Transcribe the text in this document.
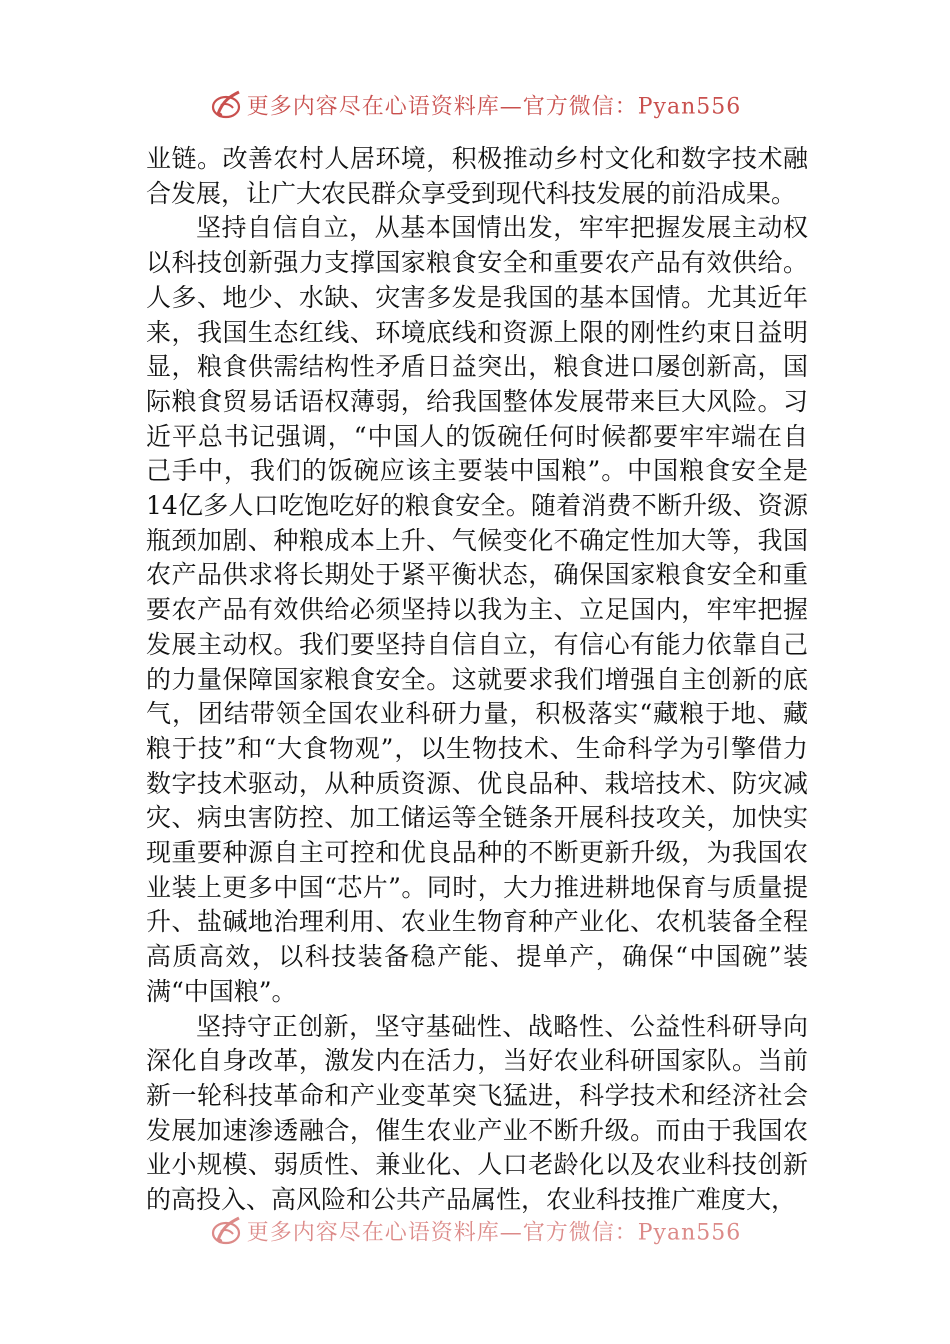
更多内容尽在心语资料库—官方微信：Pyan556

业链。改善农村人居环境，积极推动乡村文化和数字技术融合发展，让广大农民群众享受到现代科技发展的前沿成果。

坚持自信自立，从基本国情出发，牢牢把握发展主动权以科技创新强力支撑国家粮食安全和重要农产品有效供给。人多、地少、水缺、灾害多发是我国的基本国情。尤其近年来，我国生态红线、环境底线和资源上限的刚性约束日益明显，粮食供需结构性矛盾日益突出，粮食进口屡创新高，国际粮食贸易话语权薄弱，给我国整体发展带来巨大风险。习近平总书记强调，“中国人的饭碗任何时候都要牢牢端在自己手中，我们的饭碗应该主要装中国粮”。中国粮食安全是14亿多人口吃饱吃好的粮食安全。随着消费不断升级、资源瓶颈加剧、种粮成本上升、气候变化不确定性加大等，我国农产品供求将长期处于紧平衡状态，确保国家粮食安全和重要农产品有效供给必须坚持以我为主、立足国内，牢牢把握发展主动权。我们要坚持自信自立，有信心有能力依靠自己的力量保障国家粮食安全。这就要求我们增强自主创新的底气，团结带领全国农业科研力量，积极落实“藏粮于地、藏粮于技”和“大食物观”，以生物技术、生命科学为引擎借力数字技术驱动，从种质资源、优良品种、栽培技术、防灾减灾、病虫害防控、加工储运等全链条开展科技攻关，加快实现重要种源自主可控和优良品种的不断更新升级，为我国农业装上更多中国“芯片”。同时，大力推进耕地保育与质量提升、盐碱地治理利用、农业生物育种产业化、农机装备全程高质高效，以科技装备稳产能、提单产，确保“中国碗”装满“中国粮”。

坚持守正创新，坚守基础性、战略性、公益性科研导向深化自身改革，激发内在活力，当好农业科研国家队。当前新一轮科技革命和产业变革突飞猛进，科学技术和经济社会发展加速渗透融合，催生农业产业不断升级。而由于我国农业小规模、弱质性、兼业化、人口老龄化以及农业科技创新的高投入、高风险和公共产品属性，农业科技推广难度大，

更多内容尽在心语资料库—官方微信：Pyan556
